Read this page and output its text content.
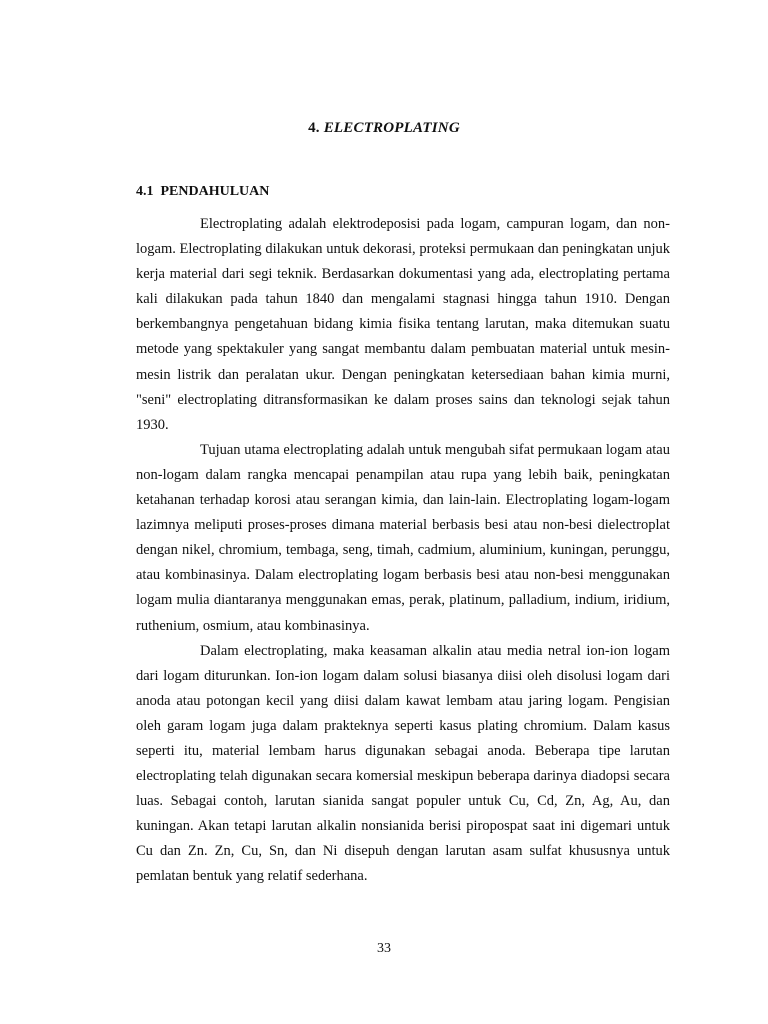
4. ELECTROPLATING
4.1  PENDAHULUAN

Electroplating adalah elektrodeposisi pada logam, campuran logam, dan non-logam. Electroplating dilakukan untuk dekorasi, proteksi permukaan dan peningkatan unjuk kerja material dari segi teknik. Berdasarkan dokumentasi yang ada, electroplating pertama kali dilakukan pada tahun 1840 dan mengalami stagnasi hingga tahun 1910. Dengan berkembangnya pengetahuan bidang kimia fisika tentang larutan, maka ditemukan suatu metode yang spektakuler yang sangat membantu dalam pembuatan material untuk mesin-mesin listrik dan peralatan ukur. Dengan peningkatan ketersediaan bahan kimia murni, "seni" electroplating ditransformasikan ke dalam proses sains dan teknologi sejak tahun 1930.

Tujuan utama electroplating adalah untuk mengubah sifat permukaan logam atau non-logam dalam rangka mencapai penampilan atau rupa yang lebih baik, peningkatan ketahanan terhadap korosi atau serangan kimia, dan lain-lain. Electroplating logam-logam lazimnya meliputi proses-proses dimana material berbasis besi atau non-besi dielectroplat dengan nikel, chromium, tembaga, seng, timah, cadmium, aluminium, kuningan, perunggu, atau kombinasinya. Dalam electroplating logam berbasis besi atau non-besi menggunakan logam mulia diantaranya menggunakan emas, perak, platinum, palladium, indium, iridium, ruthenium, osmium, atau kombinasinya.

Dalam electroplating, maka keasaman alkalin atau media netral ion-ion logam dari logam diturunkan. Ion-ion logam dalam solusi biasanya diisi oleh disolusi logam dari anoda atau potongan kecil yang diisi dalam kawat lembam atau jaring logam. Pengisian oleh garam logam juga dalam prakteknya seperti kasus plating chromium. Dalam kasus seperti itu, material lembam harus digunakan sebagai anoda. Beberapa tipe larutan electroplating telah digunakan secara komersial meskipun beberapa darinya diadopsi secara luas. Sebagai contoh, larutan sianida sangat populer untuk Cu, Cd, Zn, Ag, Au, dan kuningan. Akan tetapi larutan alkalin nonsianida berisi piropospat saat ini digemari untuk Cu dan Zn. Zn, Cu, Sn, dan Ni disepuh dengan larutan asam sulfat khususnya untuk pemlatan bentuk yang relatif sederhana.

33
